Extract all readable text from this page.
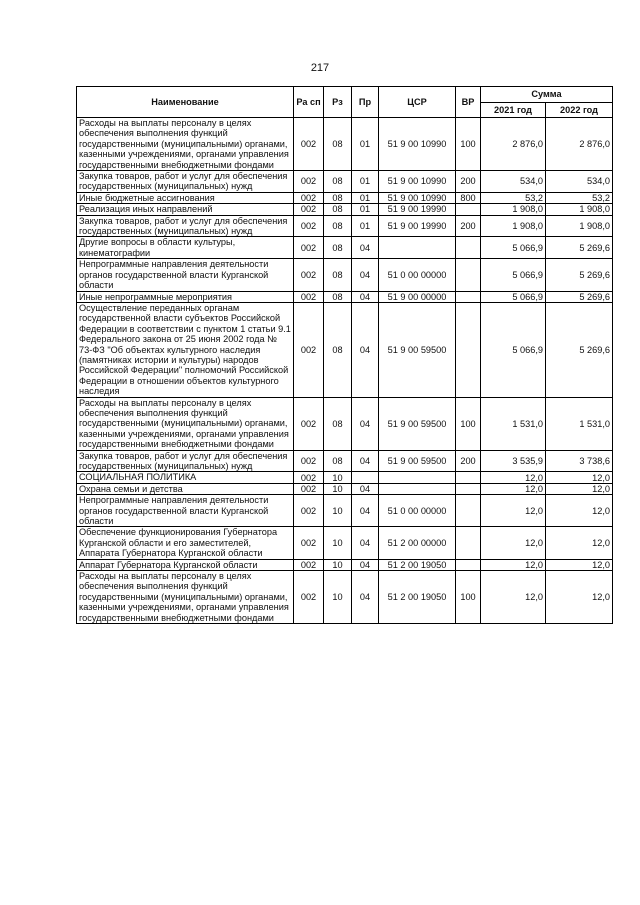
217
Наименование	Ра сп	Рз	Пр	ЦСР	ВР	Сумма	
						2021 год	2022 год
Расходы на выплаты персоналу в целях обеспечения выполнения функций государственными (муниципальными) органами, казенными учреждениями, органами управления государственными внебюджетными фондами	002	08	01	51 9 00 10990	100	2 876,0	2 876,0
Закупка товаров, работ и услуг для обеспечения государственных (муниципальных) нужд	002	08	01	51 9 00 10990	200	534,0	534,0
Иные бюджетные ассигнования	002	08	01	51 9 00 10990	800	53,2	53,2
Реализация иных направлений	002	08	01	51 9 00 19990		1 908,0	1 908,0
Закупка товаров, работ и услуг для обеспечения государственных (муниципальных) нужд	002	08	01	51 9 00 19990	200	1 908,0	1 908,0
Другие вопросы в области культуры, кинематографии	002	08	04			5 066,9	5 269,6
Непрограммные направления деятельности органов государственной власти Курганской области	002	08	04	51 0 00 00000		5 066,9	5 269,6
Иные непрограммные мероприятия	002	08	04	51 9 00 00000		5 066,9	5 269,6
Осуществление переданных органам государственной власти субъектов Российской Федерации в соответствии с пунктом 1 статьи 9.1 Федерального закона от 25 июня 2002 года № 73-ФЗ "Об объектах культурного наследия (памятниках истории и культуры) народов Российской Федерации" полномочий Российской Федерации в отношении объектов культурного наследия	002	08	04	51 9 00 59500		5 066,9	5 269,6
Расходы на выплаты персоналу в целях обеспечения выполнения функций государственными (муниципальными) органами, казенными учреждениями, органами управления государственными внебюджетными фондами	002	08	04	51 9 00 59500	100	1 531,0	1 531,0
Закупка товаров, работ и услуг для обеспечения государственных (муниципальных) нужд	002	08	04	51 9 00 59500	200	3 535,9	3 738,6
СОЦИАЛЬНАЯ ПОЛИТИКА	002	10				12,0	12,0
Охрана семьи и детства	002	10	04			12,0	12,0
Непрограммные направления деятельности органов государственной власти Курганской области	002	10	04	51 0 00 00000		12,0	12,0
Обеспечение функционирования Губернатора Курганской области и его заместителей, Аппарата Губернатора Курганской области	002	10	04	51 2 00 00000		12,0	12,0
Аппарат Губернатора Курганской области	002	10	04	51 2 00 19050		12,0	12,0
Расходы на выплаты персоналу в целях обеспечения выполнения функций государственными (муниципальными) органами, казенными учреждениями, органами управления государственными внебюджетными фондами	002	10	04	51 2 00 19050	100	12,0	12,0
